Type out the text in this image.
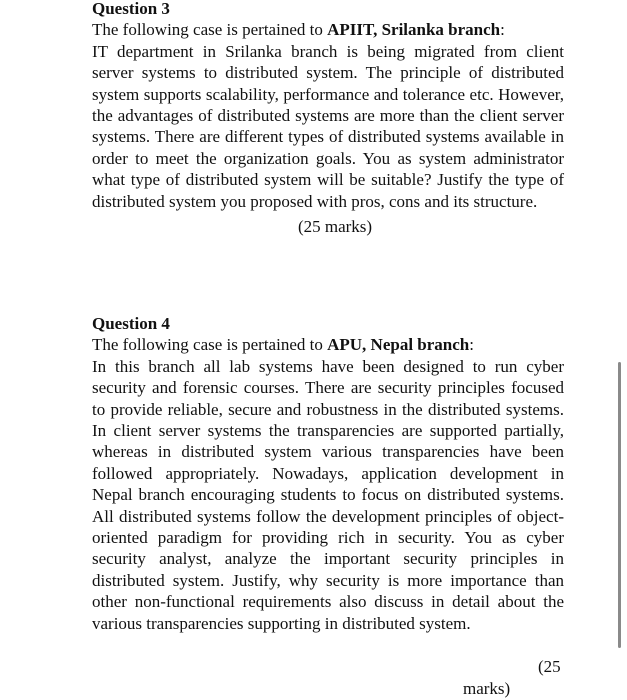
Question 3
The following case is pertained to APIIT, Srilanka branch:
IT department in Srilanka branch is being migrated from client server systems to distributed system. The principle of distributed system supports scalability, performance and tolerance etc. However, the advantages of distributed systems are more than the client server systems. There are different types of distributed systems available in order to meet the organization goals. You as system administrator what type of distributed system will be suitable? Justify the type of distributed system you proposed with pros, cons and its structure.
(25 marks)
Question 4
The following case is pertained to APU, Nepal branch:
In this branch all lab systems have been designed to run cyber security and forensic courses. There are security principles focused to provide reliable, secure and robustness in the distributed systems. In client server systems the transparencies are supported partially, whereas in distributed system various transparencies have been followed appropriately. Nowadays, application development in Nepal branch encouraging students to focus on distributed systems. All distributed systems follow the development principles of object-oriented paradigm for providing rich in security. You as cyber security analyst, analyze the important security principles in distributed system. Justify, why security is more importance than other non-functional requirements also discuss in detail about the various transparencies supporting in distributed system.
(25
marks)
